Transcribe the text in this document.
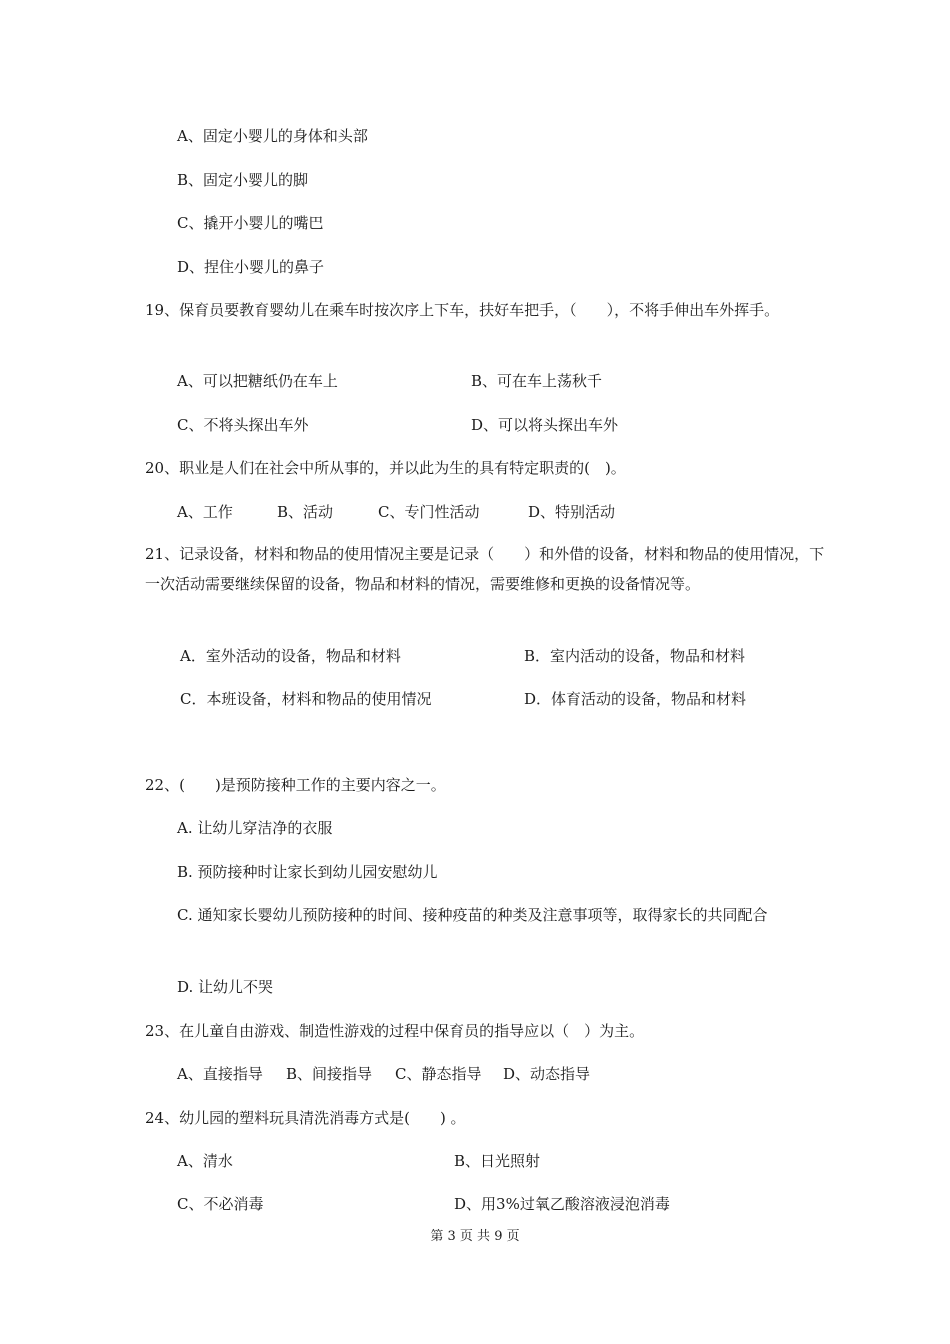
A、固定小婴儿的身体和头部
B、固定小婴儿的脚
C、撬开小婴儿的嘴巴
D、捏住小婴儿的鼻子
19、保育员要教育婴幼儿在乘车时按次序上下车，扶好车把手，（　　），不将手伸出车外挥手。
A、可以把糖纸仍在车上	B、可在车上荡秋千
C、不将头探出车外	D、可以将头探出车外
20、职业是人们在社会中所从事的，并以此为生的具有特定职责的(　)。
A、工作	B、活动	C、专门性活动	D、特别活动
21、记录设备，材料和物品的使用情况主要是记录（　　）和外借的设备，材料和物品的使用情况，下一次活动需要继续保留的设备，物品和材料的情况，需要维修和更换的设备情况等。
A．室外活动的设备，物品和材料	B．室内活动的设备，物品和材料
C．本班设备，材料和物品的使用情况	D．体育活动的设备，物品和材料
22、(　　)是预防接种工作的主要内容之一。
A. 让幼儿穿洁净的衣服
B. 预防接种时让家长到幼儿园安慰幼儿
C. 通知家长婴幼儿预防接种的时间、接种疫苗的种类及注意事项等，取得家长的共同配合
D. 让幼儿不哭
23、在儿童自由游戏、制造性游戏的过程中保育员的指导应以（　）为主。
A、直接指导 B、间接指导 C、静态指导 D、动态指导
24、幼儿园的塑料玩具清洗消毒方式是(　　) 。
A、清水	B、日光照射
C、不必消毒	D、用3%过氧乙酸溶液浸泡消毒
第 3 页 共 9 页
